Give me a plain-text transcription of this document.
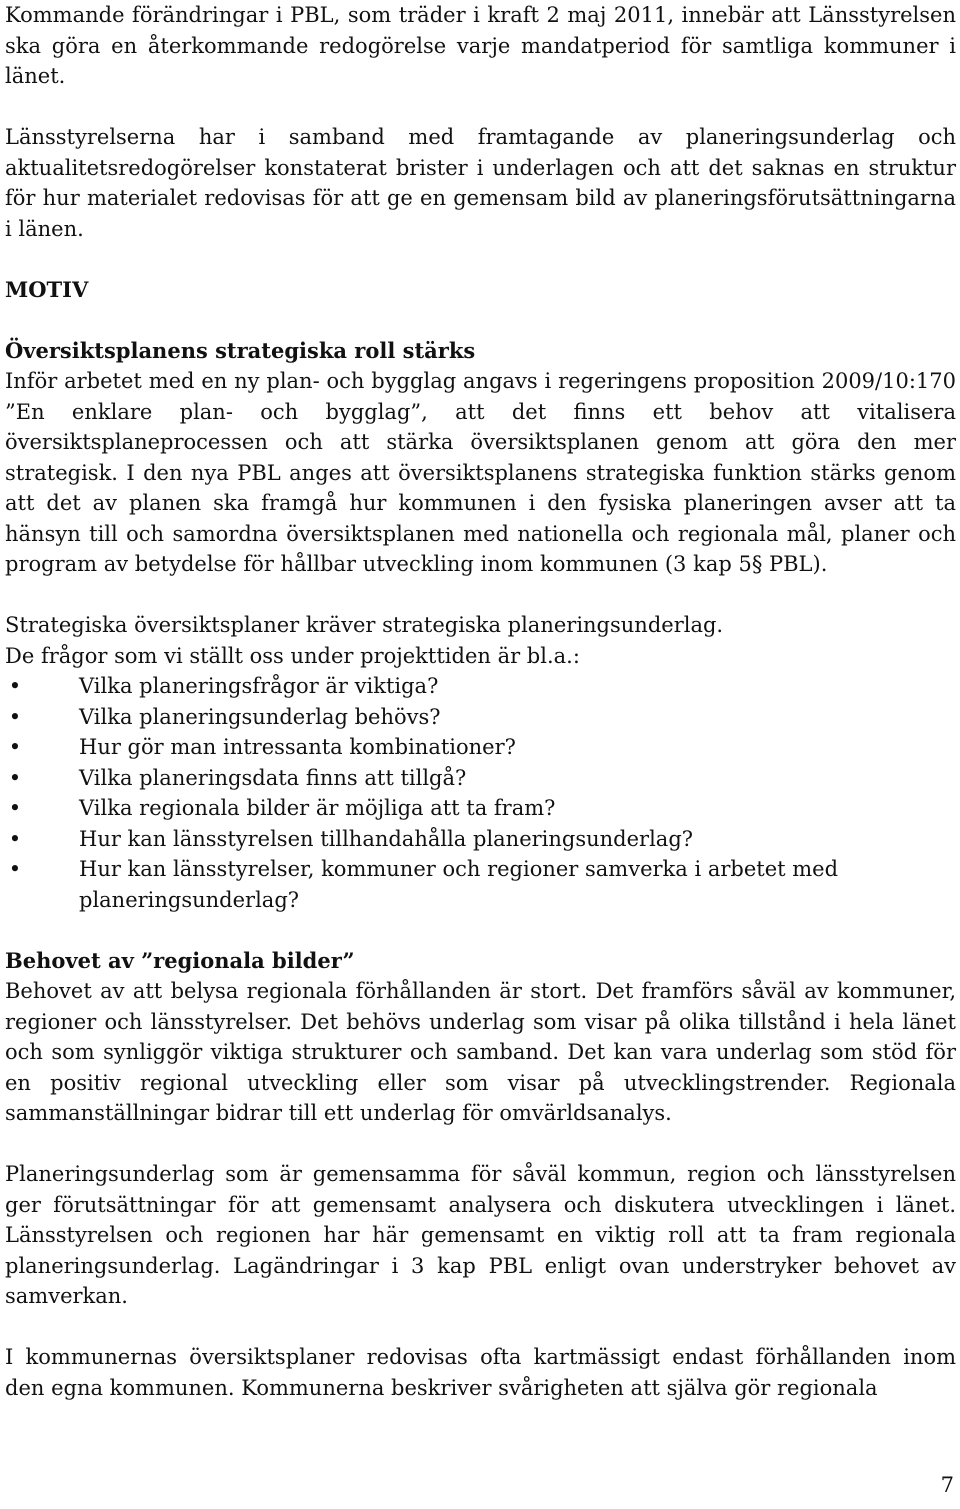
Kommande förändringar i PBL, som träder i kraft 2 maj 2011, innebär att Länsstyrelsen ska göra en återkommande redogörelse varje mandatperiod för samtliga kommuner i länet.

Länsstyrelserna har i samband med framtagande av planeringsunderlag och aktualitetsredogörelser konstaterat brister i underlagen och att det saknas en struktur för hur materialet redovisas för att ge en gemensam bild av planeringsförutsättningarna i länen.

MOTIV
Översiktsplanens strategiska roll stärks

Inför arbetet med en ny plan- och bygglag angavs i regeringens proposition 2009/10:170 ”En enklare plan- och bygglag”, att det finns ett behov att vitalisera översiktsplaneprocessen och att stärka översiktsplanen genom att göra den mer strategisk. I den nya PBL anges att översiktsplanens strategiska funktion stärks genom att det av planen ska framgå hur kommunen i den fysiska planeringen avser att ta hänsyn till och samordna översiktsplanen med nationella och regionala mål, planer och program av betydelse för hållbar utveckling inom kommunen (3 kap 5§ PBL).

Strategiska översiktsplaner kräver strategiska planeringsunderlag.

De frågor som vi ställt oss under projekttiden är bl.a.:

•	Vilka planeringsfrågor är viktiga?
•	Vilka planeringsunderlag behövs?
•	Hur gör man intressanta kombinationer?
•	Vilka planeringsdata finns att tillgå?
•	Vilka regionala bilder är möjliga att ta fram?
•	Hur kan länsstyrelsen tillhandahålla planeringsunderlag?
•	Hur kan länsstyrelser, kommuner och regioner samverka i arbetet med planeringsunderlag?
Behovet av ”regionala bilder”

Behovet av att belysa regionala förhållanden är stort. Det framförs såväl av kommuner, regioner och länsstyrelser. Det behövs underlag som visar på olika tillstånd i hela länet och som synliggör viktiga strukturer och samband. Det kan vara underlag som stöd för en positiv regional utveckling eller som visar på utvecklingstrender. Regionala sammanställningar bidrar till ett underlag för omvärldsanalys.

Planeringsunderlag som är gemensamma för såväl kommun, region och länsstyrelsen ger förutsättningar för att gemensamt analysera och diskutera utvecklingen i länet. Länsstyrelsen och regionen har här gemensamt en viktig roll att ta fram regionala planeringsunderlag. Lagändringar i 3 kap PBL enligt ovan understryker behovet av samverkan.

I kommunernas översiktsplaner redovisas ofta kartmässigt endast förhållanden inom den egna kommunen. Kommunerna beskriver svårigheten att själva gör regionala

7
